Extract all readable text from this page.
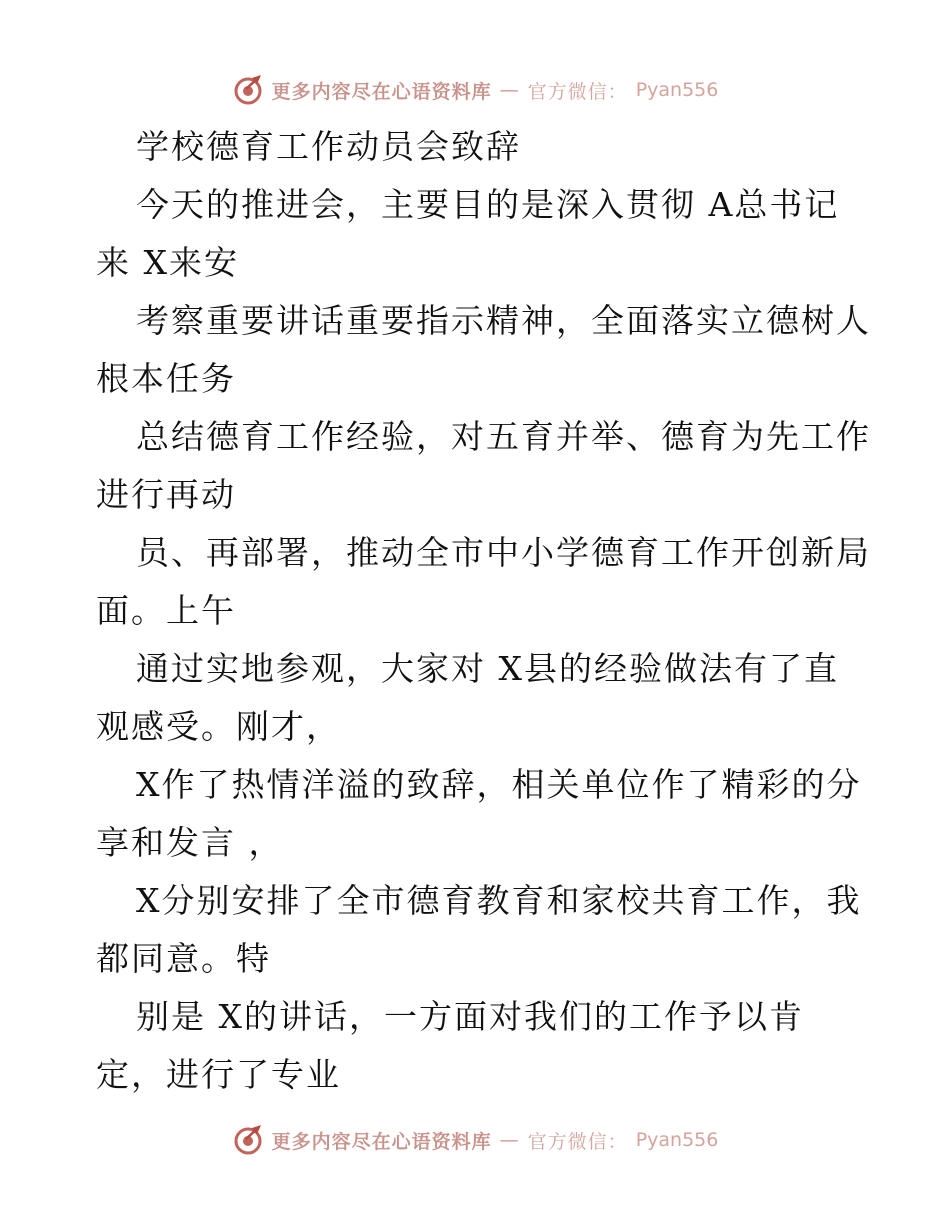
更多内容尽在心语资料库 — 官方微信： Pyan556
学校德育工作动员会致辞
今天的推进会，主要目的是深入贯彻 A总书记
来 X来安
考察重要讲话重要指示精神，全面落实立德树人
根本任务
总结德育工作经验，对五育并举、德育为先工作
进行再动
员、再部署，推动全市中小学德育工作开创新局
面。上午
通过实地参观，大家对 X县的经验做法有了直
观感受。刚才，
X作了热情洋溢的致辞，相关单位作了精彩的分
享和发言 ，
X分别安排了全市德育教育和家校共育工作，我
都同意。特
别是 X的讲话，一方面对我们的工作予以肯
定，进行了专业
更多内容尽在心语资料库 — 官方微信： Pyan556
